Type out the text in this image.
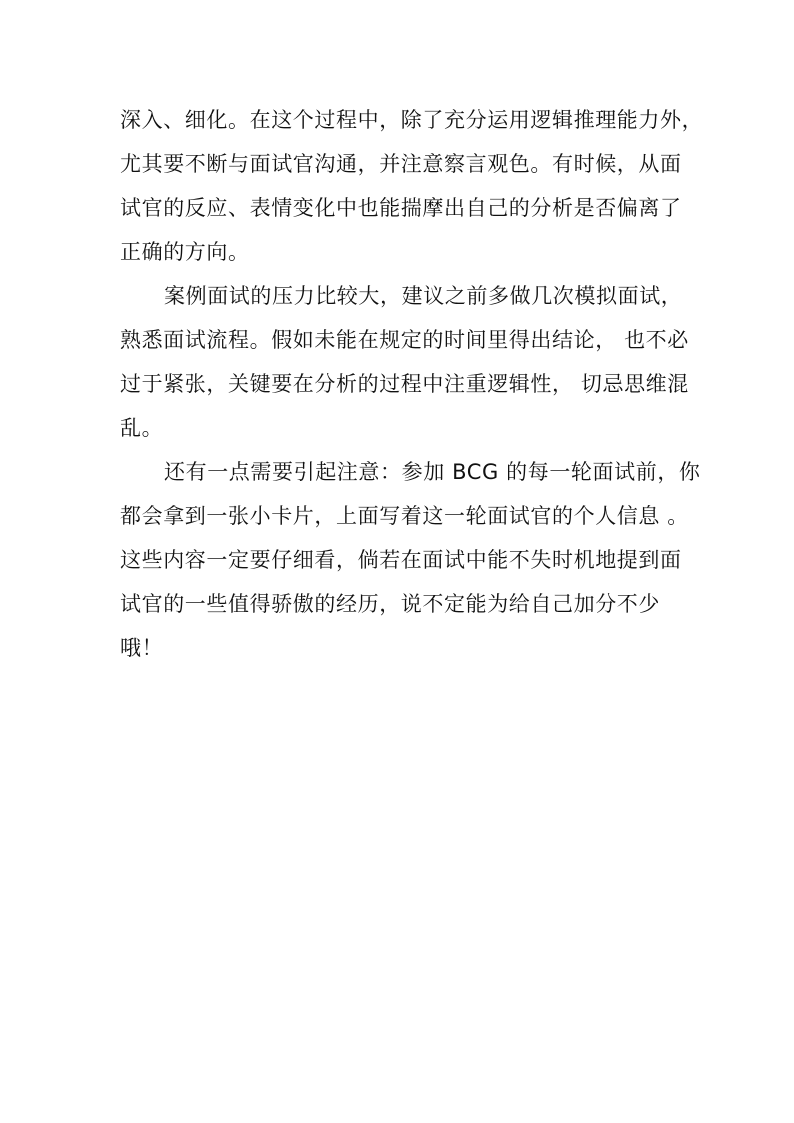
深入、细化。在这个过程中，除了充分运用逻辑推理能力外，
尤其要不断与面试官沟通，并注意察言观色。有时候，从面
试官的反应、表情变化中也能揣摩出自己的分析是否偏离了
正确的方向。
案例面试的压力比较大，建议之前多做几次模拟面试，
熟悉面试流程。假如未能在规定的时间里得出结论， 也不必
过于紧张，关键要在分析的过程中注重逻辑性， 切忌思维混
乱。
还有一点需要引起注意：参加 BCG 的每一轮面试前，你
都会拿到一张小卡片，上面写着这一轮面试官的个人信息 。
这些内容一定要仔细看，倘若在面试中能不失时机地提到面
试官的一些值得骄傲的经历，说不定能为给自己加分不少
哦！
